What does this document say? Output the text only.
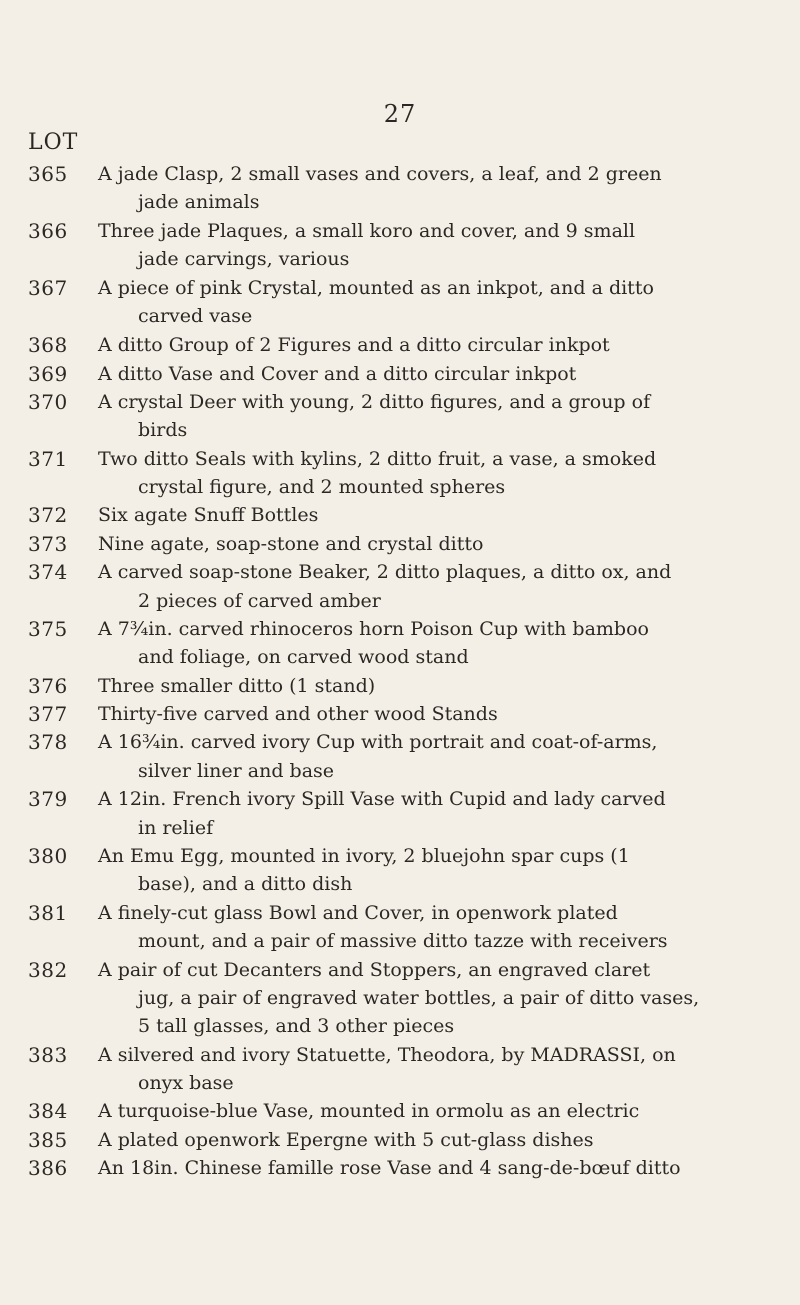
27
LOT
365	A jade Clasp, 2 small vases and covers, a leaf, and 2 green
jade animals
366	Three jade Plaques, a small koro and cover, and 9 small
jade carvings, various
367	A piece of pink Crystal, mounted as an inkpot, and a ditto
carved vase
368	A ditto Group of 2 Figures and a ditto circular inkpot
369	A ditto Vase and Cover and a ditto circular inkpot
370	A crystal Deer with young, 2 ditto figures, and a group of
birds
371	Two ditto Seals with kylins, 2 ditto fruit, a vase, a smoked
crystal figure, and 2 mounted spheres
372	Six agate Snuff Bottles
373	Nine agate, soap-stone and crystal ditto
374	A carved soap-stone Beaker, 2 ditto plaques, a ditto ox, and
2 pieces of carved amber
375	A 7¾in. carved rhinoceros horn Poison Cup with bamboo
and foliage, on carved wood stand
376	Three smaller ditto (1 stand)
377	Thirty-five carved and other wood Stands
378	A 16¾in. carved ivory Cup with portrait and coat-of-arms,
silver liner and base
379	A 12in. French ivory Spill Vase with Cupid and lady carved
in relief
380	An Emu Egg, mounted in ivory, 2 bluejohn spar cups (1
base), and a ditto dish
381	A finely-cut glass Bowl and Cover, in openwork plated
mount, and a pair of massive ditto tazze with receivers
382	A pair of cut Decanters and Stoppers, an engraved claret
jug, a pair of engraved water bottles, a pair of ditto vases,
5 tall glasses, and 3 other pieces
383	A silvered and ivory Statuette, Theodora, by MADRASSI, on
onyx base
384	A turquoise-blue Vase, mounted in ormolu as an electric
385	A plated openwork Epergne with 5 cut-glass dishes
386	An 18in. Chinese famille rose Vase and 4 sang-de-bœuf ditto
